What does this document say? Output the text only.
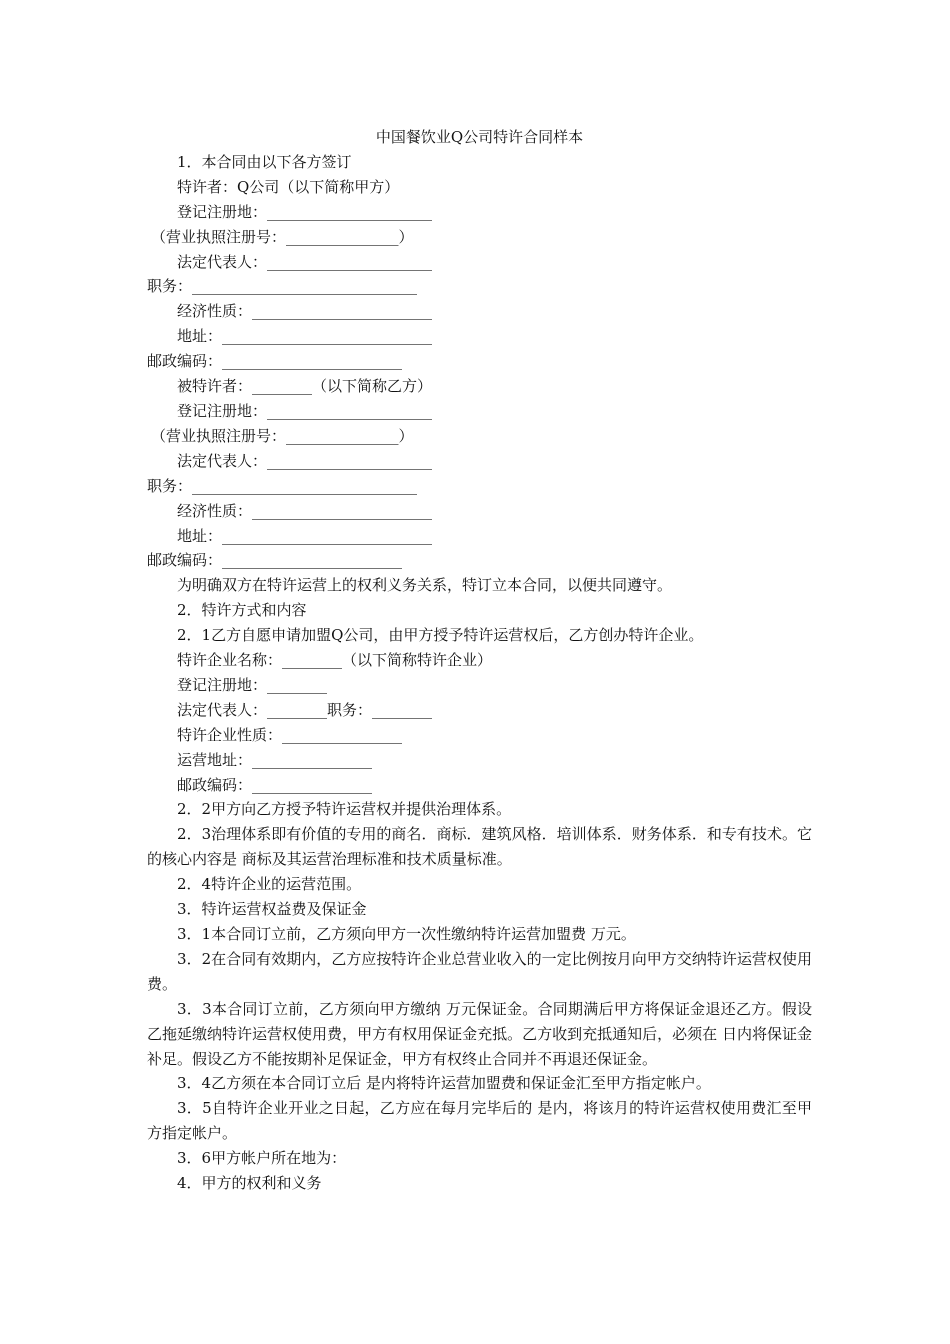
中国餐饮业Q公司特许合同样本

1．本合同由以下各方签订

特许者：Q公司（以下简称甲方）

登记注册地：______________________

（营业执照注册号：_______________）

法定代表人：______________________

职务：______________________________

经济性质：________________________

地址：____________________________

邮政编码：________________________

被特许者：________（以下简称乙方）

登记注册地：______________________

（营业执照注册号：_______________）

法定代表人：______________________

职务：______________________________

经济性质：________________________

地址：____________________________

邮政编码：________________________

为明确双方在特许运营上的权利义务关系，特订立本合同，以便共同遵守。

2．特许方式和内容

2．1乙方自愿申请加盟Q公司，由甲方授予特许运营权后，乙方创办特许企业。

特许企业名称：________（以下简称特许企业）

登记注册地：________

法定代表人：________职务：________

特许企业性质：________________

运营地址：________________

邮政编码：________________

2．2甲方向乙方授予特许运营权并提供治理体系。

2．3治理体系即有价值的专用的商名．商标．建筑风格．培训体系．财务体系．和专有技术。它的核心内容是 商标及其运营治理标准和技术质量标准。

2．4特许企业的运营范围。

3．特许运营权益费及保证金

3．1本合同订立前，乙方须向甲方一次性缴纳特许运营加盟费 万元。

3．2在合同有效期内，乙方应按特许企业总营业收入的一定比例按月向甲方交纳特许运营权使用费。

3．3本合同订立前，乙方须向甲方缴纳 万元保证金。合同期满后甲方将保证金退还乙方。假设乙拖延缴纳特许运营权使用费，甲方有权用保证金充抵。乙方收到充抵通知后，必须在 日内将保证金补足。假设乙方不能按期补足保证金，甲方有权终止合同并不再退还保证金。

3．4乙方须在本合同订立后 是内将特许运营加盟费和保证金汇至甲方指定帐户。

3．5自特许企业开业之日起，乙方应在每月完毕后的 是内，将该月的特许运营权使用费汇至甲方指定帐户。

3．6甲方帐户所在地为：

4．甲方的权利和义务
